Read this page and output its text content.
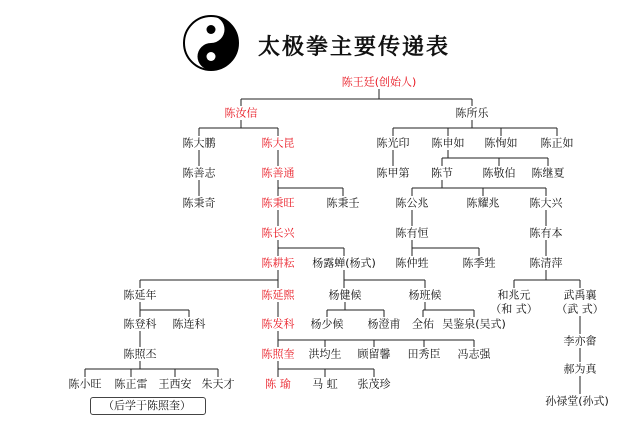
太极拳主要传递表
陈王廷(创始人)
陈汝信	陈所乐
陈大鹏	陈大昆	陈光印 陈申如 陈恂如 陈正如
陈善志	陈善通	陈甲第 陈节	陈敬伯 陈继夏
陈秉奇	陈秉旺	陈秉壬	陈公兆	陈耀兆	陈大兴
陈长兴	陈有恒	陈有本
陈耕耘 杨露蝉(杨式) 陈仲甡	陈季甡	陈清萍
陈延年	陈延熙	杨健候	杨班候	和兆元	武禹襄
（和 式） （武 式）
陈登科 陈连科	陈发科 杨少候 杨澄甫 全佑 吴鉴泉(吴式)
李亦畲
陈照丕	陈照奎 洪均生 顾留馨 田秀臣 冯志强
郝为真
陈小旺 陈正雷 王西安 朱天才	陈 瑜 马 虹 张茂珍
孙禄堂(孙式)
（后学于陈照奎）
